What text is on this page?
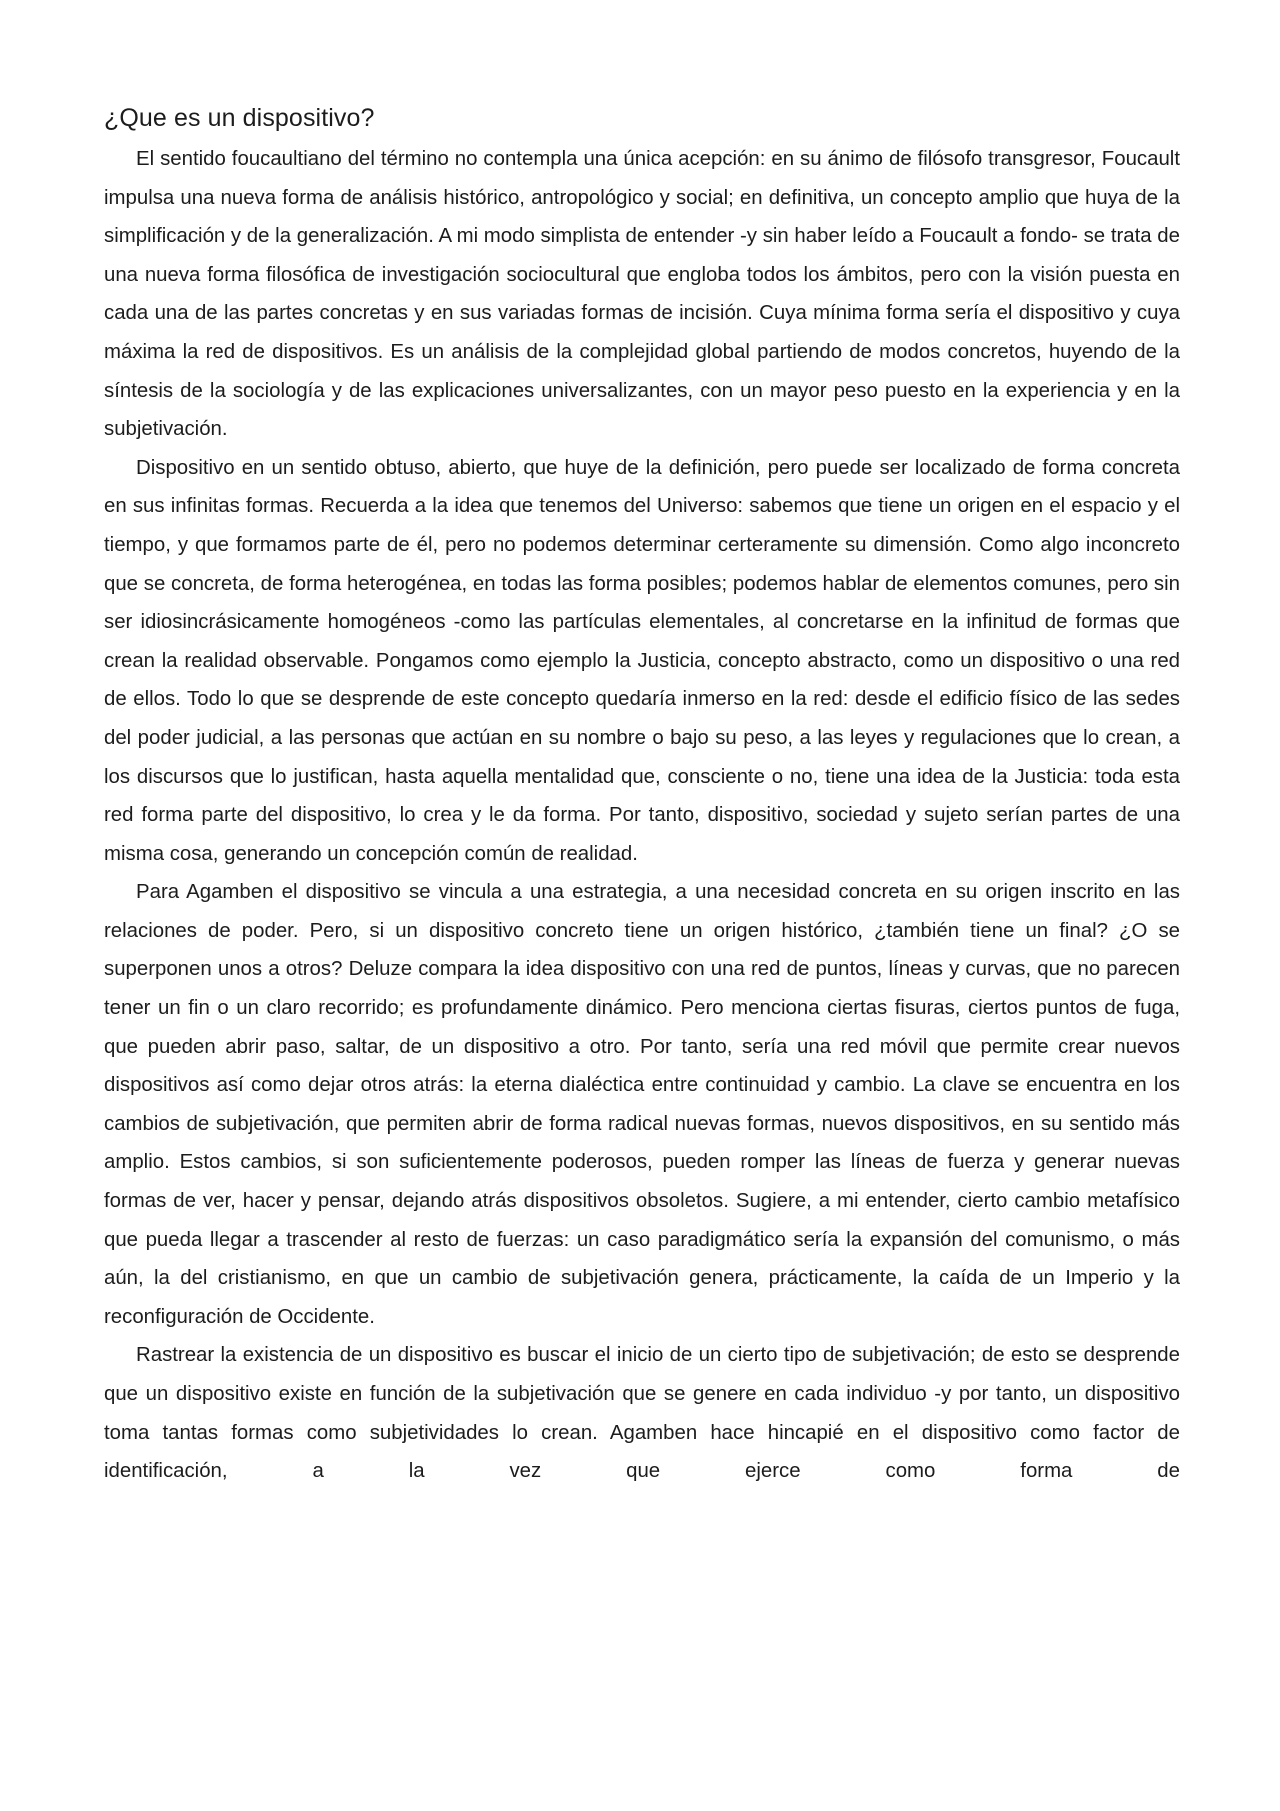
¿Que es un dispositivo?

El sentido foucaultiano del término no contempla una única acepción: en su ánimo de filósofo transgresor, Foucault impulsa una nueva forma de análisis histórico, antropológico y social; en definitiva, un concepto amplio que huya de la simplificación y de la generalización. A mi modo simplista de entender -y sin haber leído a Foucault a fondo- se trata de una nueva forma filosófica de investigación sociocultural que engloba todos los ámbitos, pero con la visión puesta en cada una de las partes concretas y en sus variadas formas de incisión. Cuya mínima forma sería el dispositivo y cuya máxima la red de dispositivos. Es un análisis de la complejidad global partiendo de modos concretos, huyendo de la síntesis de la sociología y de las explicaciones universalizantes, con un mayor peso puesto en la experiencia y en la subjetivación.

Dispositivo en un sentido obtuso, abierto, que huye de la definición, pero puede ser localizado de forma concreta en sus infinitas formas. Recuerda a la idea que tenemos del Universo: sabemos que tiene un origen en el espacio y el tiempo, y que formamos parte de él, pero no podemos determinar certeramente su dimensión. Como algo inconcreto que se concreta, de forma heterogénea, en todas las forma posibles; podemos hablar de elementos comunes, pero sin ser idiosincrásicamente homogéneos -como las partículas elementales, al concretarse en la infinitud de formas que crean la realidad observable. Pongamos como ejemplo la Justicia, concepto abstracto, como un dispositivo o una red de ellos. Todo lo que se desprende de este concepto quedaría inmerso en la red: desde el edificio físico de las sedes del poder judicial, a las personas que actúan en su nombre o bajo su peso, a las leyes y regulaciones que lo crean, a los discursos que lo justifican, hasta aquella mentalidad que, consciente o no, tiene una idea de la Justicia: toda esta red forma parte del dispositivo, lo crea y le da forma. Por tanto, dispositivo, sociedad y sujeto serían partes de una misma cosa, generando un concepción común de realidad.

Para Agamben el dispositivo se vincula a una estrategia, a una necesidad concreta en su origen inscrito en las relaciones de poder. Pero, si un dispositivo concreto tiene un origen histórico, ¿también tiene un final? ¿O se superponen unos a otros? Deluze compara la idea dispositivo con una red de puntos, líneas y curvas, que no parecen tener un fin o un claro recorrido; es profundamente dinámico. Pero menciona ciertas fisuras, ciertos puntos de fuga, que pueden abrir paso, saltar, de un dispositivo a otro. Por tanto, sería una red móvil que permite crear nuevos dispositivos así como dejar otros atrás: la eterna dialéctica entre continuidad y cambio. La clave se encuentra en los cambios de subjetivación, que permiten abrir de forma radical nuevas formas, nuevos dispositivos, en su sentido más amplio. Estos cambios, si son suficientemente poderosos, pueden romper las líneas de fuerza y generar nuevas formas de ver, hacer y pensar, dejando atrás dispositivos obsoletos. Sugiere, a mi entender, cierto cambio metafísico que pueda llegar a trascender al resto de fuerzas: un caso paradigmático sería la expansión del comunismo, o más aún, la del cristianismo, en que un cambio de subjetivación genera, prácticamente, la caída de un Imperio y la reconfiguración de Occidente.

Rastrear la existencia de un dispositivo es buscar el inicio de un cierto tipo de subjetivación; de esto se desprende que un dispositivo existe en función de la subjetivación que se genere en cada individuo -y por tanto, un dispositivo toma tantas formas como subjetividades lo crean. Agamben hace hincapié en el dispositivo como factor de identificación, a la vez que ejerce como forma de
